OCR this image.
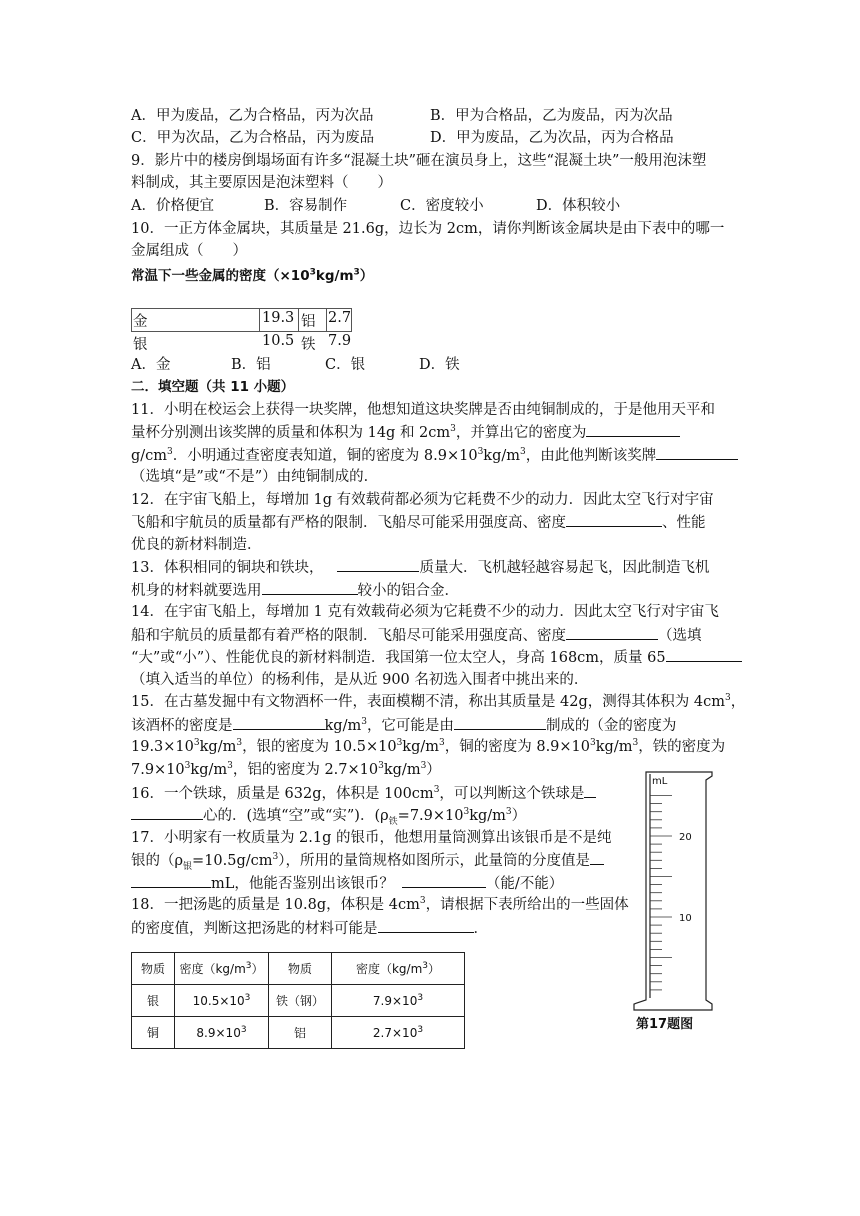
A．甲为废品，乙为合格品，丙为次品	B．甲为合格品，乙为废品，丙为次品
C．甲为次品，乙为合格品，丙为废品	D．甲为废品，乙为次品，丙为合格品
9．影片中的楼房倒塌场面有许多“混凝土块”砸在演员身上，这些“混凝土块”一般用泡沫塑
料制成，其主要原因是泡沫塑料（　　）
A．价格便宜	B．容易制作	C．密度较小	D．体积较小
10．一正方体金属块，其质量是 21.6g，边长为 2cm，请你判断该金属块是由下表中的哪一
金属组成（　　）
常温下一些金属的密度$(\times 10^3kg/m^3)$
金	19.3 铝 2.7
银	10.5 铁 7.9
A．金	B．铝	C．银	D．铁
二．填空题（共 11 小题）
11．小明在校运会上获得一块奖牌，他想知道这块奖牌是否由纯铜制成的，于是他用天平和
量杯分别测出该奖牌的质量和体积为 14g 和 $2cm^3$，并算出它的密度为
$g/cm^3$．小明通过查密度表知道，铜的密度为 $8.9\times 10^3kg/m^3$，由此他判断该奖牌
（选填“是”或“不是”）由纯铜制成的．
12．在宇宙飞船上，每增加 1g 有效载荷都必须为它耗费不少的动力．因此太空飞行对宇宙
飞船和宇航员的质量都有严格的限制．飞船尽可能采用强度高、密度	、性能
优良的新材料制造．
13．体积相同的铜块和铁块，	质量大．飞机越轻越容易起飞，因此制造飞机
机身的材料就要选用	较小的铝合金．
14．在宇宙飞船上，每增加 1 克有效载荷必须为它耗费不少的动力．因此太空飞行对宇宙飞
船和宇航员的质量都有着严格的限制．飞船尽可能采用强度高、密度	（选填
“大”或“小”）、性能优良的新材料制造．我国第一位太空人，身高 168cm，质量 65
（填入适当的单位）的杨利伟，是从近 900 名初选入围者中挑出来的．
15．在古墓发掘中有文物酒杯一件，表面模糊不清，称出其质量是 42g，测得其体积为 $4cm^3$，
该酒杯的密度是	$kg/m^3$，它可能是由	制成的（金的密度为
$19.3\times 10^3kg/m^3$，银的密度为 $10.5\times 10^3kg/m^3$，铜的密度为 $8.9\times 10^3kg/m^3$，铁的密度为
$7.9\times 10^3kg/m^3$，铝的密度为 $2.7\times 10^3kg/m^3$）
16．一个铁球，质量是 632g，体积是 $100cm^3$，可以判断这个铁球是
心的．(选填“空”或“实”)．$(\rho_铁=7.9\times 10^3kg/m^3)$
17．小明家有一枚质量为 2.1g 的银币，他想用量筒测算出该银币是不是纯
银的$(\rho_银=10.5g/cm^3)$，所用的量筒规格如图所示，此量筒的分度值是
mL，他能否鉴别出该银币？	（能/不能）
18．一把汤匙的质量是 10.8g，体积是 $4cm^3$，请根据下表所给出的一些固体
的密度值，判断这把汤匙的材料可能是	．
物质	密度$(kg/m^3)$	物质	密度$(kg/m^3)$
银	$10.5\times 10^3$	铁（钢）	$7.9\times 10^3$
铜	$8.9\times 10^3$	铝	$2.7\times 10^3$
mL
20
10
第17题图
